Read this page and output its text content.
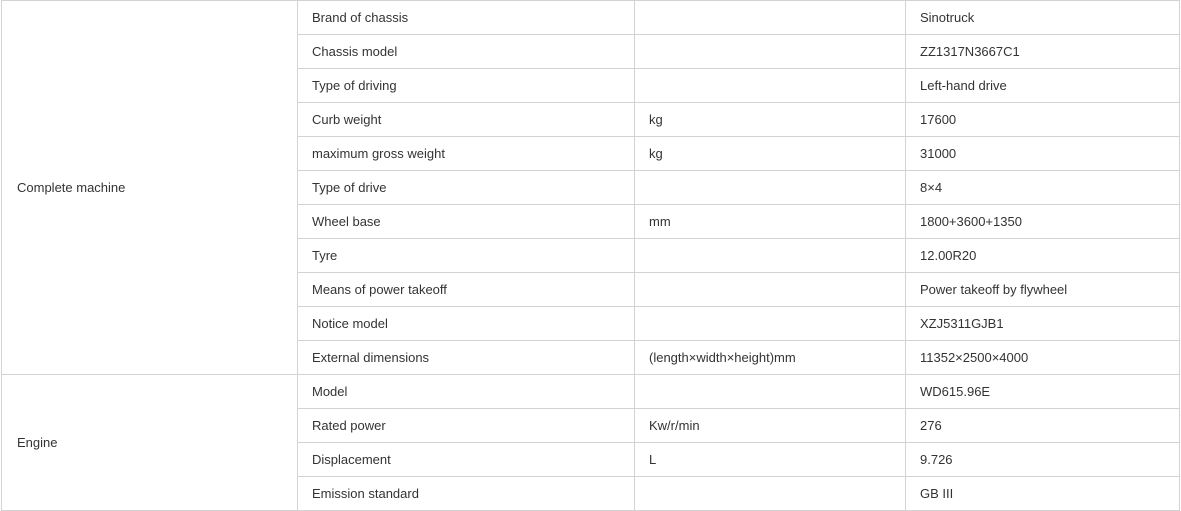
Complete machine	Brand of chassis		Sinotruck
	Chassis model		ZZ1317N3667C1
	Type of driving		Left-hand drive
	Curb weight	kg	17600
	maximum gross weight	kg	31000
	Type of drive		8×4
	Wheel base	mm	1800+3600+1350
	Tyre		12.00R20
	Means of power takeoff		Power takeoff by flywheel
	Notice model		XZJ5311GJB1
	External dimensions	(length×width×height)mm	11352×2500×4000
Engine	Model		WD615.96E
	Rated power	Kw/r/min	276
	Displacement	L	9.726
	Emission standard		GB III
